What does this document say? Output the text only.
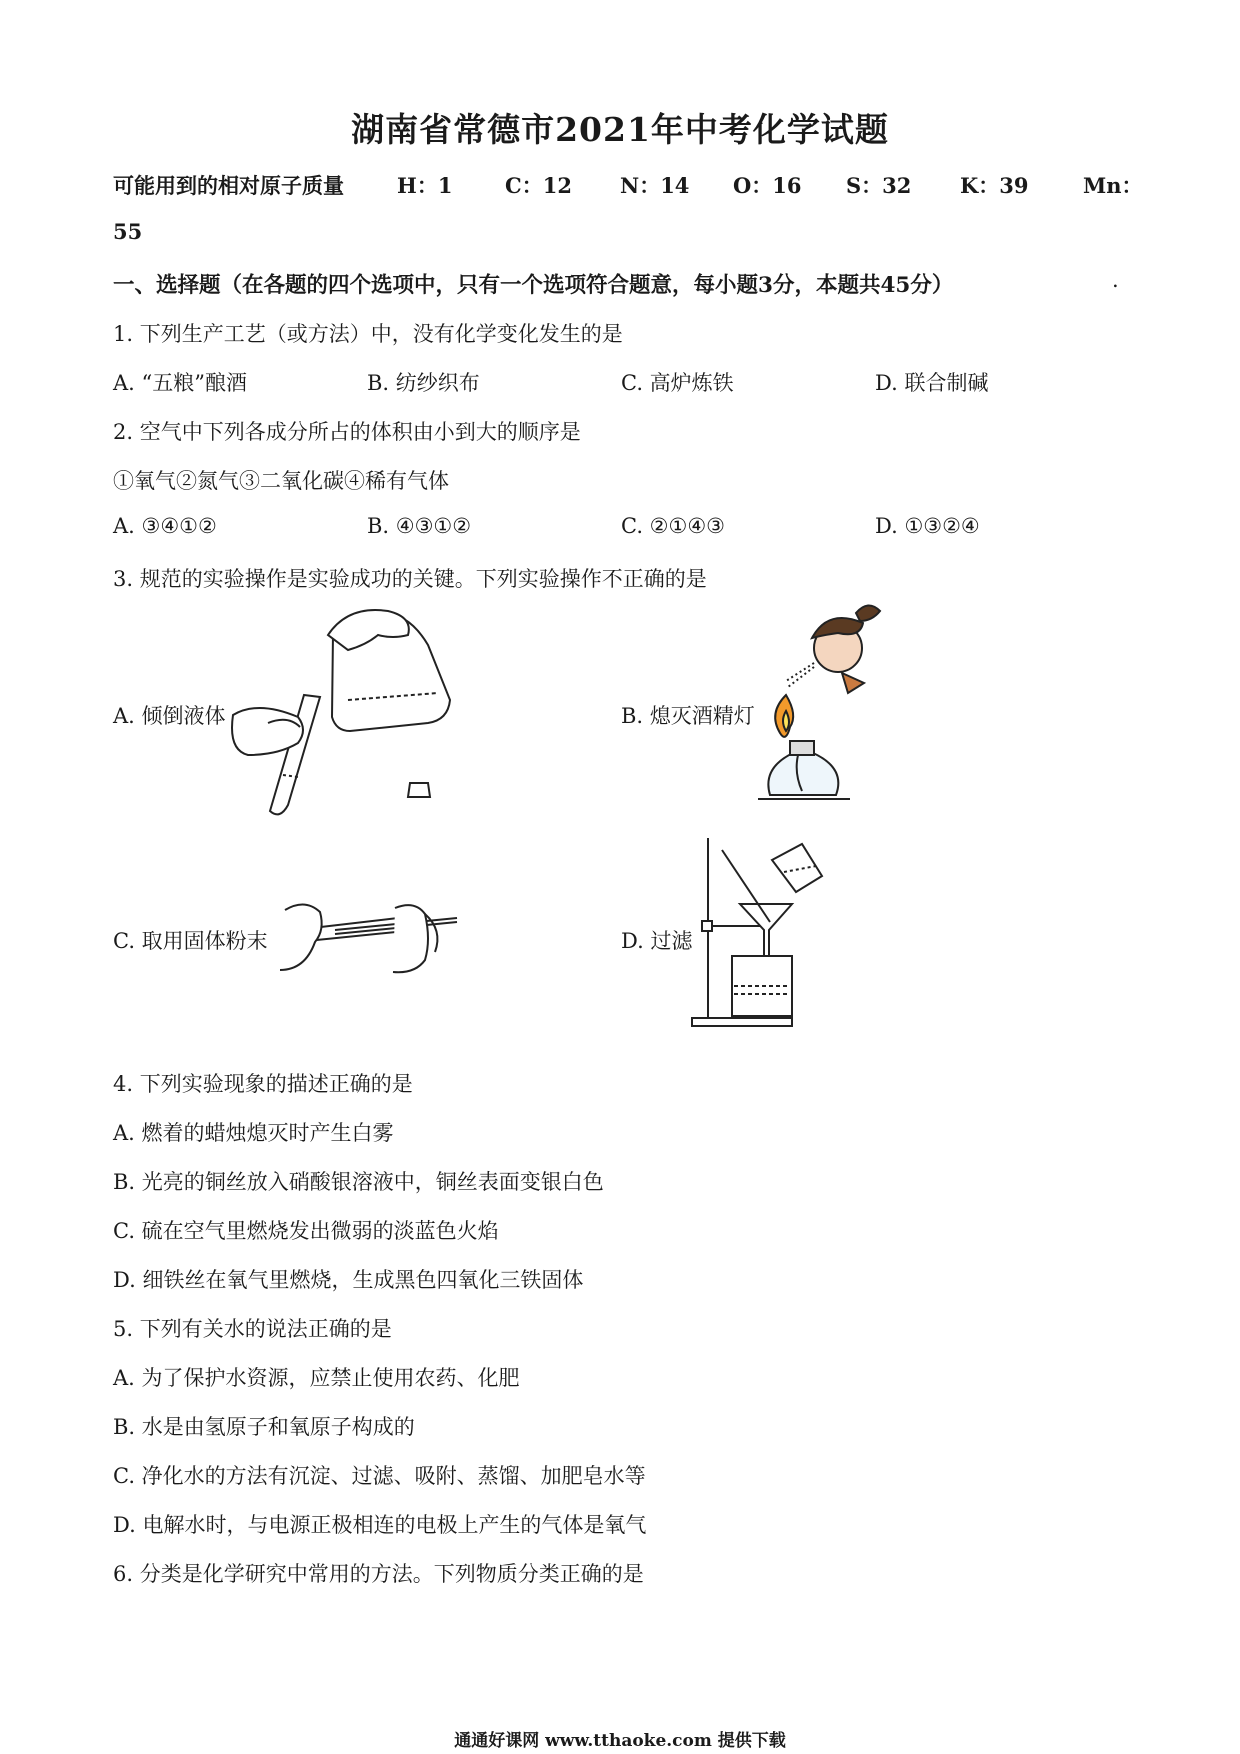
湖南省常德市2021年中考化学试题
可能用到的相对原子质量	H：1	C：12 N：14 O：16 S：32 K：39	Mn：
55
一、选择题（在各题的四个选项中，只有一个选项符合题意，每小题3分，本题共45分）	.
1. 下列生产工艺（或方法）中，没有化学变化发生的是
A. “五粮”酿酒	B. 纺纱织布	C. 高炉炼铁	D. 联合制碱
2. 空气中下列各成分所占的体积由小到大的顺序是
①氧气②氮气③二氧化碳④稀有气体
A. ③④①②	B. ④③①②	C. ②①④③	D. ①③②④
3. 规范的实验操作是实验成功的关键。下列实验操作不正确的是
A. 倾倒液体	B. 熄灭酒精灯
C. 取用固体粉末	D. 过滤
4. 下列实验现象的描述正确的是
A. 燃着的蜡烛熄灭时产生白雾
B. 光亮的铜丝放入硝酸银溶液中，铜丝表面变银白色
C. 硫在空气里燃烧发出微弱的淡蓝色火焰
D. 细铁丝在氧气里燃烧，生成黑色四氧化三铁固体
5. 下列有关水的说法正确的是
A. 为了保护水资源，应禁止使用农药、化肥
B. 水是由氢原子和氧原子构成的
C. 净化水的方法有沉淀、过滤、吸附、蒸馏、加肥皂水等
D. 电解水时，与电源正极相连的电极上产生的气体是氧气
6. 分类是化学研究中常用的方法。下列物质分类正确的是
通通好课网 www.tthaoke.com 提供下载
